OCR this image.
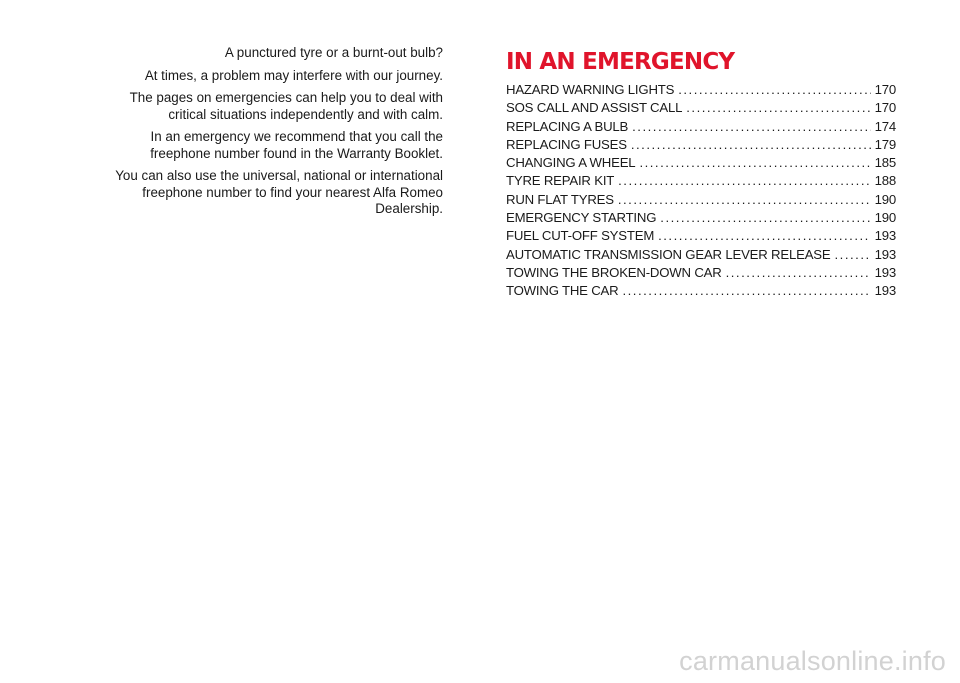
A punctured tyre or a burnt-out bulb?

At times, a problem may interfere with our journey.

The pages on emergencies can help you to deal with critical situations independently and with calm.

In an emergency we recommend that you call the freephone number found in the Warranty Booklet.

You can also use the universal, national or international freephone number to find your nearest Alfa Romeo Dealership.

IN AN EMERGENCY
HAZARD WARNING LIGHTS .....	170
SOS CALL AND ASSIST CALL .....	170
REPLACING A BULB .....	174
REPLACING FUSES .....	179
CHANGING A WHEEL .....	185
TYRE REPAIR KIT .....	188
RUN FLAT TYRES .....	190
EMERGENCY STARTING .....	190
FUEL CUT-OFF SYSTEM .....	193
AUTOMATIC TRANSMISSION GEAR LEVER RELEASE .....	193
TOWING THE BROKEN-DOWN CAR .....	193
TOWING THE CAR .....	193
carmanualsonline.info
